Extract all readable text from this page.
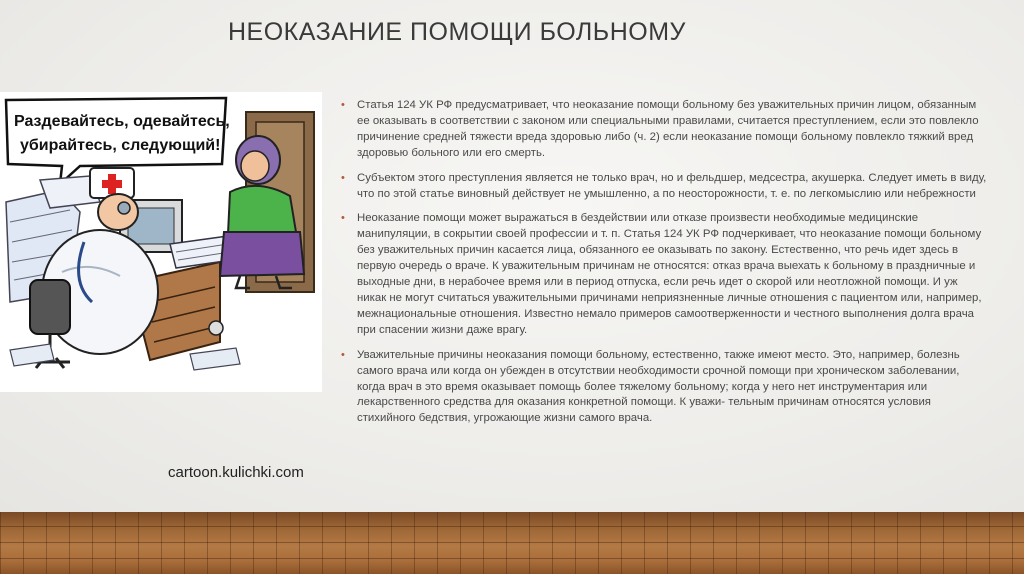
НЕОКАЗАНИЕ ПОМОЩИ БОЛЬНОМУ
Раздевайтесь, одевайтесь,
убирайтесь, следующий!
cartoon.kulichki.com
• Статья 124 УК РФ предусматривает, что неоказание помощи больному без уважительных причин лицом, обязанным ее оказывать в соответствии с законом или специальными правилами, считается преступлением, если это повлекло причинение средней тяжести вреда здоровью либо (ч. 2) если неоказание помощи больному повлекло тяжкий вред здоровью больного или его смерть.
• Субъектом этого преступления является не только врач, но и фельдшер, медсестра, акушерка. Следует иметь в виду, что по этой статье виновный действует не умышленно, а по неосторожности, т. е. по легкомыслию или небрежности
• Неоказание помощи может выражаться в бездействии или отказе произвести необходимые медицинские манипуляции, в сокрытии своей профессии и т. п. Статья 124 УК РФ подчеркивает, что неоказание помощи больному без уважительных причин касается лица, обязанного ее оказывать по закону. Естественно, что речь идет здесь в первую очередь о враче. К уважительным причинам не относятся: отказ врача выехать к больному в праздничные и выходные дни, в нерабочее время или в период отпуска, если речь идет о скорой или неотложной помощи. И уж никак не могут считаться уважительными причинами неприязненные личные отношения с пациентом или, например, межнациональные отношения. Известно немало примеров самоотверженности и честного выполнения долга врача при спасении жизни даже врагу.
• Уважительные причины неоказания помощи больному, естественно, также имеют место. Это, например, болезнь самого врача или когда он убежден в отсутствии необходимости срочной помощи при хроническом заболевании, когда врач в это время оказывает помощь более тяжелому больному; когда у него нет инструментария или лекарственного средства для оказания конкретной помощи. К уважи- тельным причинам относятся условия стихийного бедствия, угрожающие жизни самого врача.
